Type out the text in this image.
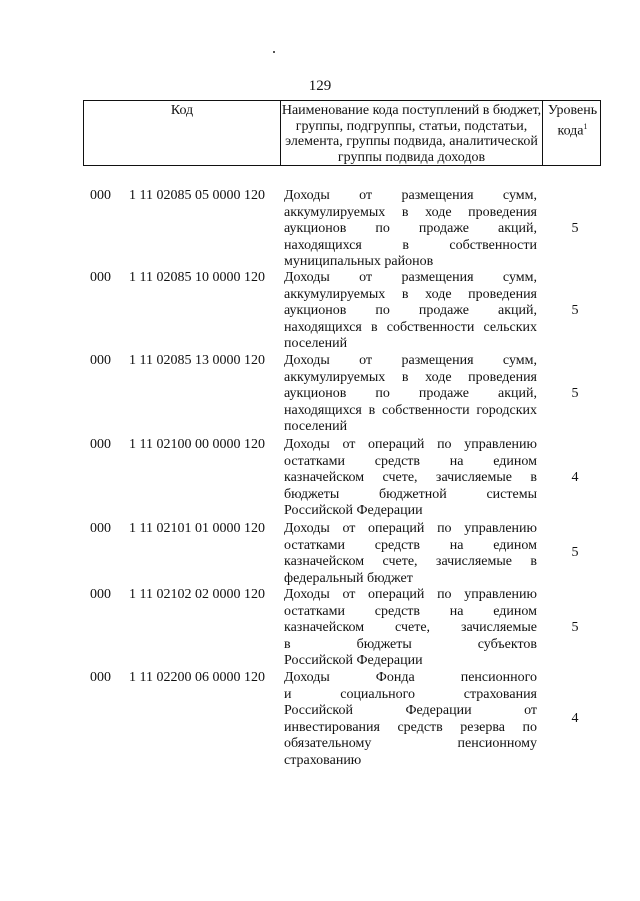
129
Код	Наименование кода поступлений в бюджет, группы, подгруппы, статьи, подстатьи, элемента, группы подвида, аналитической группы подвида доходов
Уровень кода$^1$
000 1 11 02085 05 0000 120 Доходы от размещения сумм,
аккумулируемых в ходе проведения
аукционов по продаже акций,
находящихся в собственности
муниципальных районов
5
000 1 11 02085 10 0000 120 Доходы от размещения сумм,
аккумулируемых в ходе проведения
аукционов по продаже акций,
находящихся в собственности сельских
поселений
5
000 1 11 02085 13 0000 120 Доходы от размещения сумм,
аккумулируемых в ходе проведения
аукционов по продаже акций,
находящихся в собственности городских
поселений
5
000 1 11 02100 00 0000 120 Доходы от операций по управлению
остатками средств на едином
казначейском счете, зачисляемые в
бюджеты бюджетной системы
Российской Федерации
4
000 1 11 02101 01 0000 120 Доходы от операций по управлению
остатками средств на едином
казначейском счете, зачисляемые в
федеральный бюджет
5
000 1 11 02102 02 0000 120 Доходы от операций по управлению
остатками средств на едином
казначейском счете, зачисляемые
в бюджеты субъектов
Российской Федерации
5
000 1 11 02200 06 0000 120 Доходы Фонда пенсионного
и социального страхования
Российской Федерации от
инвестирования средств резерва по
обязательному пенсионному
страхованию
4
